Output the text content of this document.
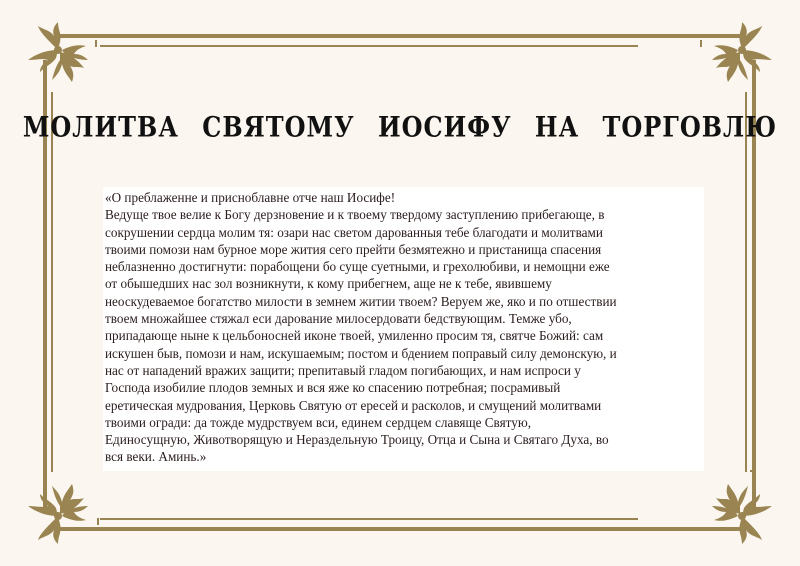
МОЛИТВА СВЯТОМУ ИОСИФУ НА ТОРГОВЛЮ

«О преблаженне и присноблавне отче наш Иосифе!
Ведуще твое велие к Богу дерзновение и к твоему твердому заступлению прибегающе, в
сокрушении сердца молим тя: озари нас светом дарованныя тебе благодати и молитвами
твоими помози нам бурное море жития сего прейти безмятежно и пристанища спасения
неблазненно достигнути: порабощени бо суще суетными, и грехолюбиви, и немощни еже
от обышедших нас зол возникнути, к кому прибегнем, аще не к тебе, явившему
неоскудеваемое богатство милости в земнем житии твоем? Веруем же, яко и по отшествии
твоем множайшее стяжал еси дарование милосердовати бедствующим. Темже убо,
припадающе ныне к цельбоносней иконе твоей, умиленно просим тя, святче Божий: сам
искушен быв, помози и нам, искушаемым; постом и бдением поправый силу демонскую, и
нас от нападений вражих защити; препитавый гладом погибающих, и нам испроси у
Господа изобилие плодов земных и вся яже ко спасению потребная; посрамивый
еретическая мудрования, Церковь Святую от ересей и расколов, и смущений молитвами
твоими огради: да тожде мудрствуем вси, единем сердцем славяще Святую,
Единосущную, Животворящую и Нераздельную Троицу, Отца и Сына и Святаго Духа, во
вся веки. Аминь.»
